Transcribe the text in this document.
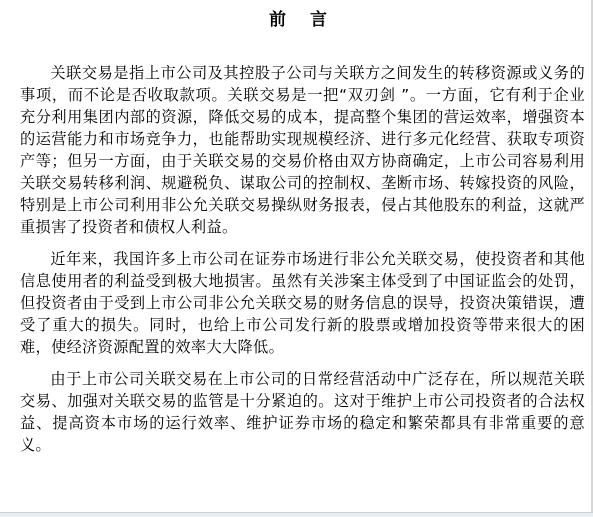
前 言

关联交易是指上市公司及其控股子公司与关联方之间发生的转移资源或义务的事项，而不论是否收取款项。关联交易是一把“双刃剑 ”。一方面，它有利于企业充分利用集团内部的资源，降低交易的成本，提高整个集团的营运效率，增强资本的运营能力和市场竞争力，也能帮助实现规模经济、进行多元化经营、获取专项资产等；但另一方面，由于关联交易的交易价格由双方协商确定，上市公司容易利用关联交易转移利润、规避税负、谋取公司的控制权、垄断市场、转嫁投资的风险，特别是上市公司利用非公允关联交易操纵财务报表，侵占其他股东的利益，这就严重损害了投资者和债权人利益。

近年来，我国许多上市公司在证券市场进行非公允关联交易，使投资者和其他信息使用者的利益受到极大地损害。虽然有关涉案主体受到了中国证监会的处罚，但投资者由于受到上市公司非公允关联交易的财务信息的误导，投资决策错误，遭受了重大的损失。同时，也给上市公司发行新的股票或增加投资等带来很大的困难，使经济资源配置的效率大大降低。

由于上市公司关联交易在上市公司的日常经营活动中广泛存在，所以规范关联交易、加强对关联交易的监管是十分紧迫的。这对于维护上市公司投资者的合法权益、提高资本市场的运行效率、维护证券市场的稳定和繁荣都具有非常重要的意义。
